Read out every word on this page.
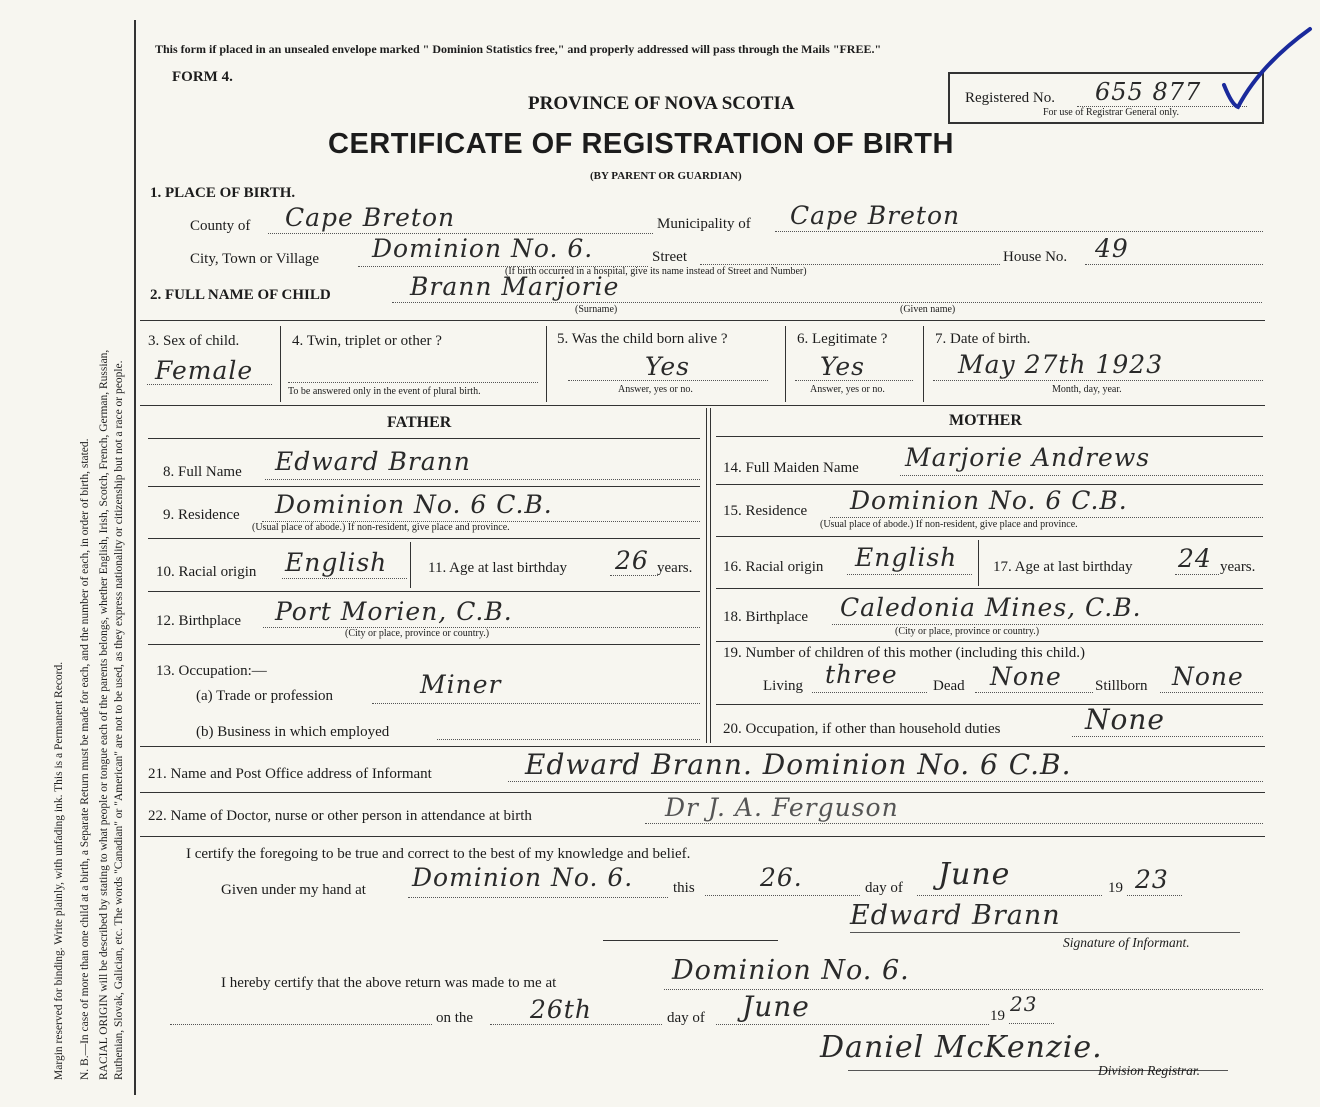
Margin reserved for binding. Write plainly, with unfading ink. This is a Permanent Record. N. B.—In case of more than one child at a birth, a Separate Return must be made for each, and the number of each, in order of birth, stated. RACIAL ORIGIN will be described by stating to what people or tongue each of the parents belongs, whether English, Irish, Scotch, French, German, Russian, Ruthenian, Slovak, Galician, etc. The words "Canadian" or "American" are not to be used, as they express nationality or citizenship but not a race or people.
This form if placed in an unsealed envelope marked " Dominion Statistics free," and properly addressed will pass through the Mails "FREE."
FORM 4.
PROVINCE OF NOVA SCOTIA
CERTIFICATE OF REGISTRATION OF BIRTH
(BY PARENT OR GUARDIAN)
Registered No. 655 877
For use of Registrar General only.
1. PLACE OF BIRTH.
County of Cape Breton	Municipality of Cape Breton
City, Town or Village Dominion No. 6.	Street	House No. 49
(If birth occurred in a hospital, give its name instead of Street and Number)
2. FULL NAME OF CHILD	Brann Marjorie
(Surname)	(Given name)
3. Sex of child.
Female
4. Twin, triplet or other ?
To be answered only in the event of plural birth.
5. Was the child born alive ?
Yes
Answer, yes or no.
6. Legitimate ?
Yes
Answer, yes or no.
7. Date of birth.
May 27th 1923
Month, day, year.
FATHER	MOTHER
8. Full Name Edward Brann
9. Residence Dominion No. 6 C.B.
(Usual place of abode.) If non-resident, give place and province.
10. Racial origin English	11. Age at last birthday 26 years.
12. Birthplace Port Morien, C.B.
(City or place, province or country.)
13. Occupation:—
(a) Trade or profession	Miner
(b) Business in which employed
14. Full Maiden Name Marjorie Andrews
15. Residence Dominion No. 6 C.B.
(Usual place of abode.) If non-resident, give place and province.
16. Racial origin English 17. Age at last birthday 24 years.
18. Birthplace Caledonia Mines, C.B.
(City or place, province or country.)
19. Number of children of this mother (including this child.)
Living three Dead None Stillborn None
20. Occupation, if other than household duties	None
21. Name and Post Office address of Informant	Edward Brann. Dominion No. 6 C.B.
22. Name of Doctor, nurse or other person in attendance at birth	Dr J. A. Ferguson
I certify the foregoing to be true and correct to the best of my knowledge and belief.
Given under my hand at Dominion No. 6.	this	26.	day of June	19 23
Edward Brann
Signature of Informant.
I hereby certify that the above return was made to me at	Dominion No. 6.
on the 26th	day of June	19 23
Daniel McKenzie.
Division Registrar.
